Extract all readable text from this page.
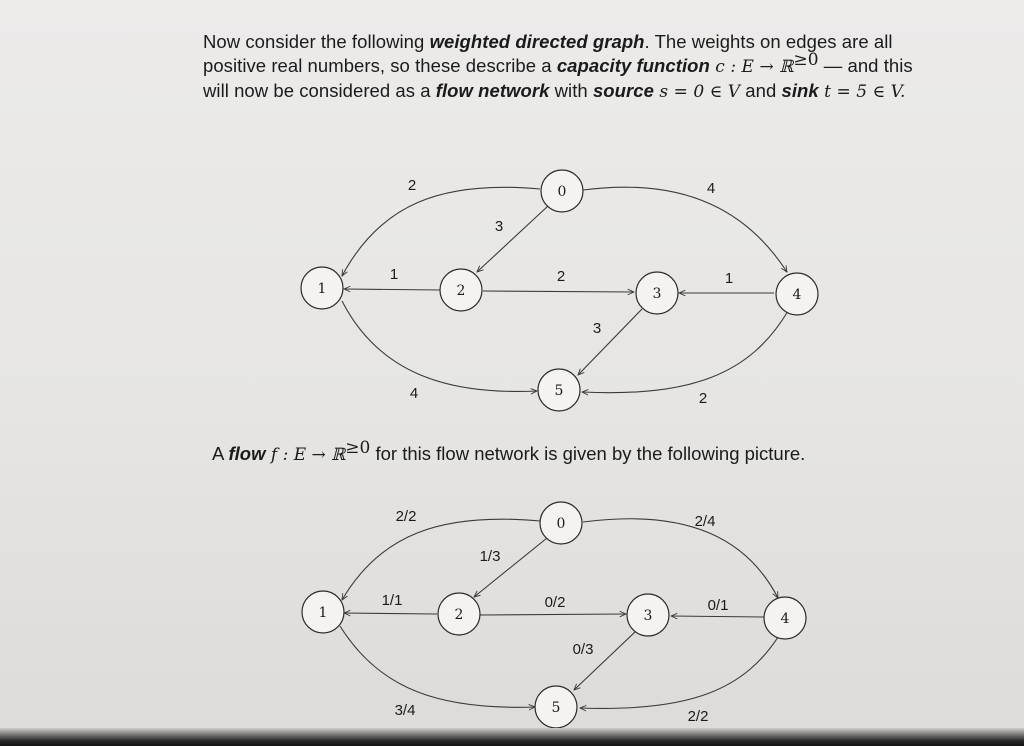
Now consider the following weighted directed graph. The weights on edges are all positive real numbers, so these describe a capacity function c : E → ℝ$^{\ge 0}$ — and this will now be considered as a flow network with source s = 0 ∈ V and sink t = 5 ∈ V.
A flow f : E → ℝ$^{\ge 0}$ for this flow network is given by the following picture.
2	4
3
1	2	1
3
4	2
0
1	2	3	4
5
2/2	2/4
1/3
1/1	0/2	0/1
0/3
3/4	2/2
0
1	2	3	4
5
